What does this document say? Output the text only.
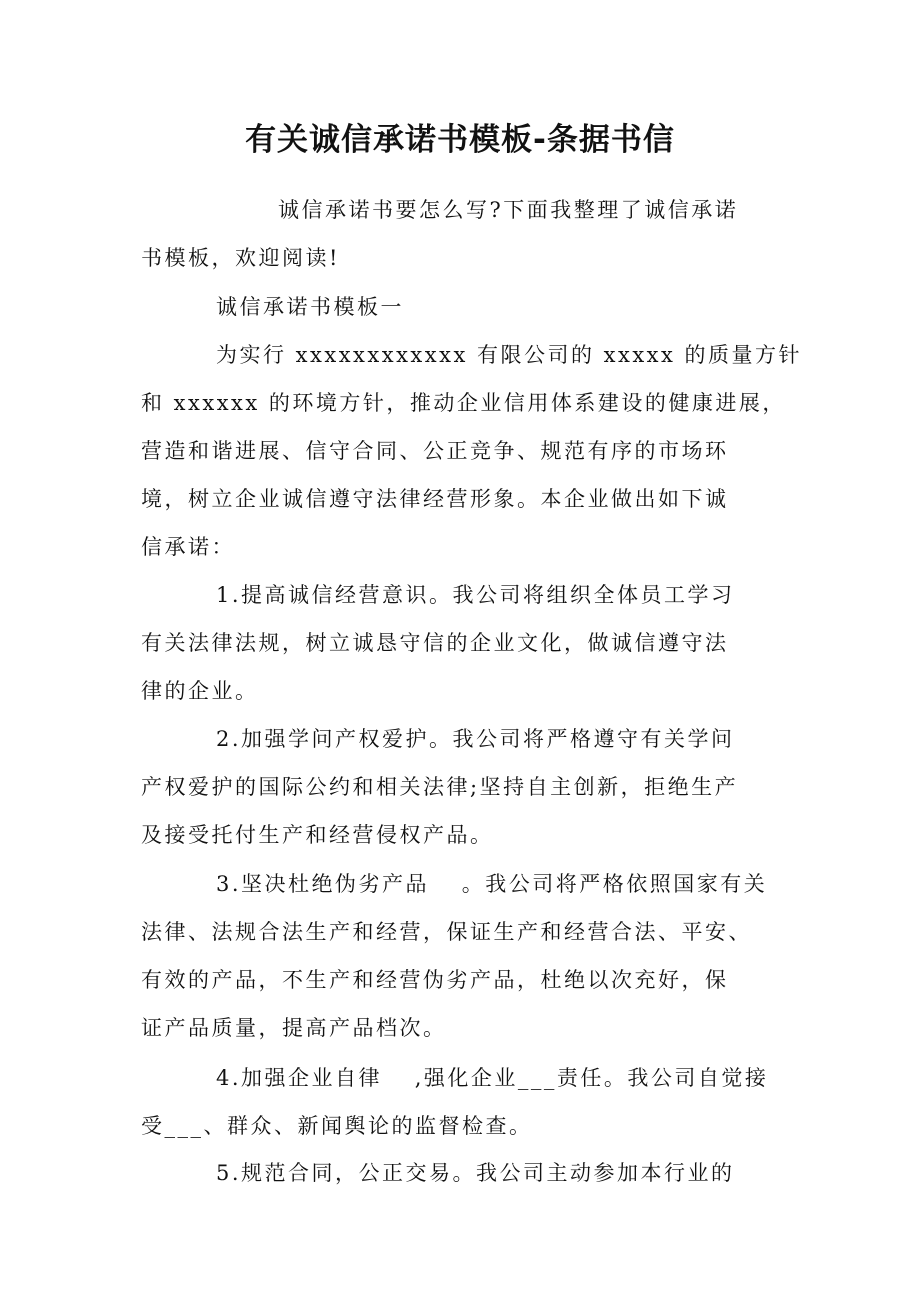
有关诚信承诺书模板-条据书信
诚信承诺书要怎么写?下面我整理了诚信承诺
书模板，欢迎阅读!
诚信承诺书模板一
为实行 xxxxxxxxxxxx 有限公司的 xxxxx 的质量方针
和 xxxxxx 的环境方针，推动企业信用体系建设的健康进展，
营造和谐进展、信守合同、公正竞争、规范有序的市场环
境，树立企业诚信遵守法律经营形象。本企业做出如下诚
信承诺：
1.提高诚信经营意识。我公司将组织全体员工学习
有关法律法规，树立诚恳守信的企业文化，做诚信遵守法
律的企业。
2.加强学问产权爱护。我公司将严格遵守有关学问
产权爱护的国际公约和相关法律;坚持自主创新，拒绝生产
及接受托付生产和经营侵权产品。
3.坚决杜绝伪劣产品 　。我公司将严格依照国家有关
法律、法规合法生产和经营，保证生产和经营合法、平安、
有效的产品，不生产和经营伪劣产品，杜绝以次充好，保
证产品质量，提高产品档次。
4.加强企业自律 　,强化企业___责任。我公司自觉接
受___、群众、新闻舆论的监督检查。
5.规范合同，公正交易。我公司主动参加本行业的
